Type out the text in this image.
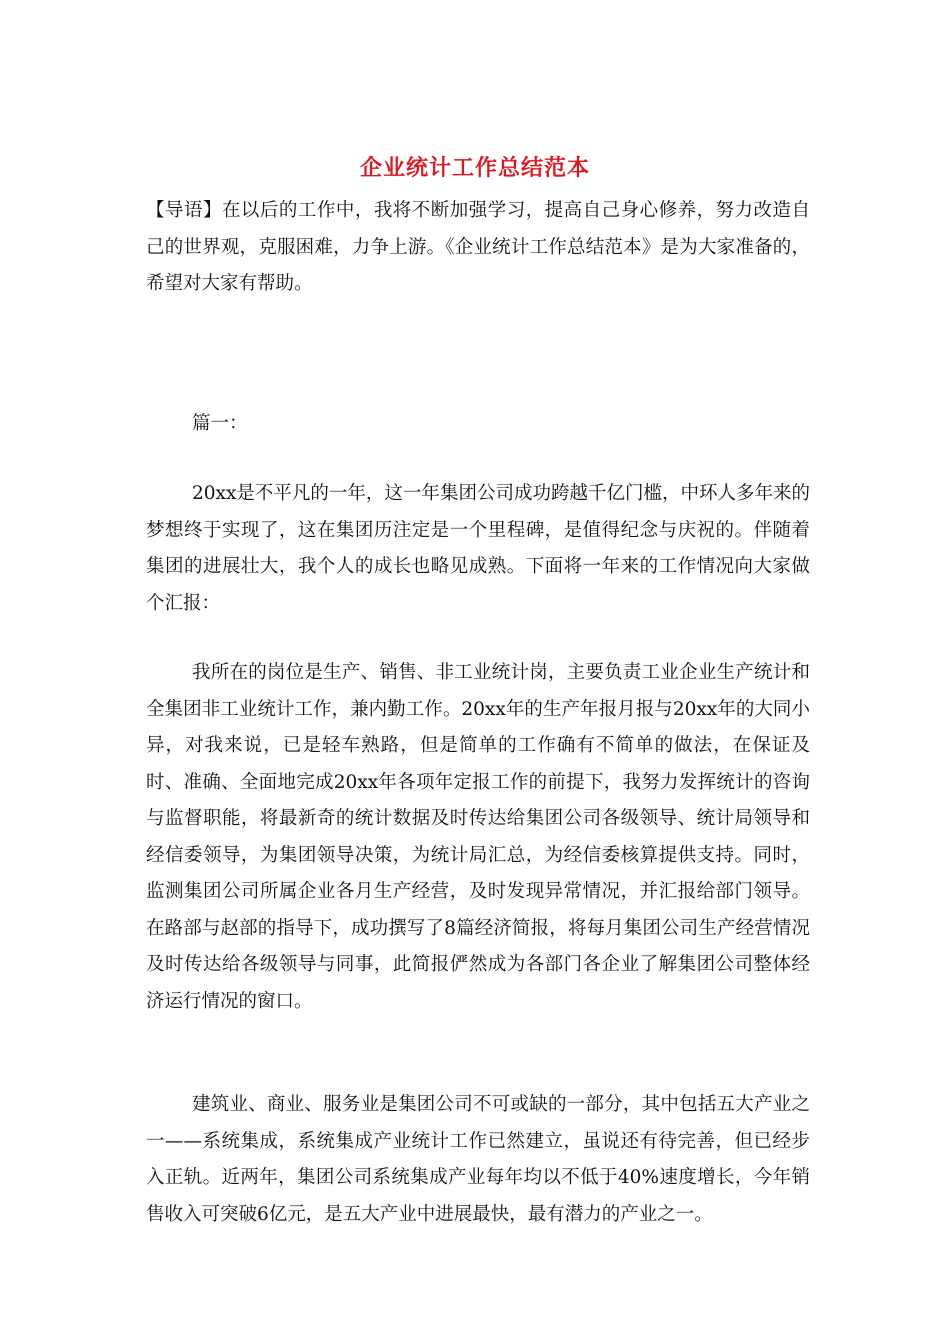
企业统计工作总结范本

【导语】在以后的工作中，我将不断加强学习，提高自己身心修养，努力改造自己的世界观，克服困难，力争上游。《企业统计工作总结范本》是为大家准备的，希望对大家有帮助。

篇一：

20xx是不平凡的一年，这一年集团公司成功跨越千亿门槛，中环人多年来的梦想终于实现了，这在集团历注定是一个里程碑，是值得纪念与庆祝的。伴随着集团的进展壮大，我个人的成长也略见成熟。下面将一年来的工作情况向大家做个汇报：

我所在的岗位是生产、销售、非工业统计岗，主要负责工业企业生产统计和全集团非工业统计工作，兼内勤工作。20xx年的生产年报月报与20xx年的大同小异，对我来说，已是轻车熟路，但是简单的工作确有不简单的做法，在保证及时、准确、全面地完成20xx年各项年定报工作的前提下，我努力发挥统计的咨询与监督职能，将最新奇的统计数据及时传达给集团公司各级领导、统计局领导和经信委领导，为集团领导决策，为统计局汇总，为经信委核算提供支持。同时，监测集团公司所属企业各月生产经营，及时发现异常情况，并汇报给部门领导。在路部与赵部的指导下，成功撰写了8篇经济简报，将每月集团公司生产经营情况及时传达给各级领导与同事，此简报俨然成为各部门各企业了解集团公司整体经济运行情况的窗口。

建筑业、商业、服务业是集团公司不可或缺的一部分，其中包括五大产业之一——系统集成，系统集成产业统计工作已然建立，虽说还有待完善，但已经步入正轨。近两年，集团公司系统集成产业每年均以不低于40%速度增长，今年销售收入可突破6亿元，是五大产业中进展最快，最有潜力的产业之一。
